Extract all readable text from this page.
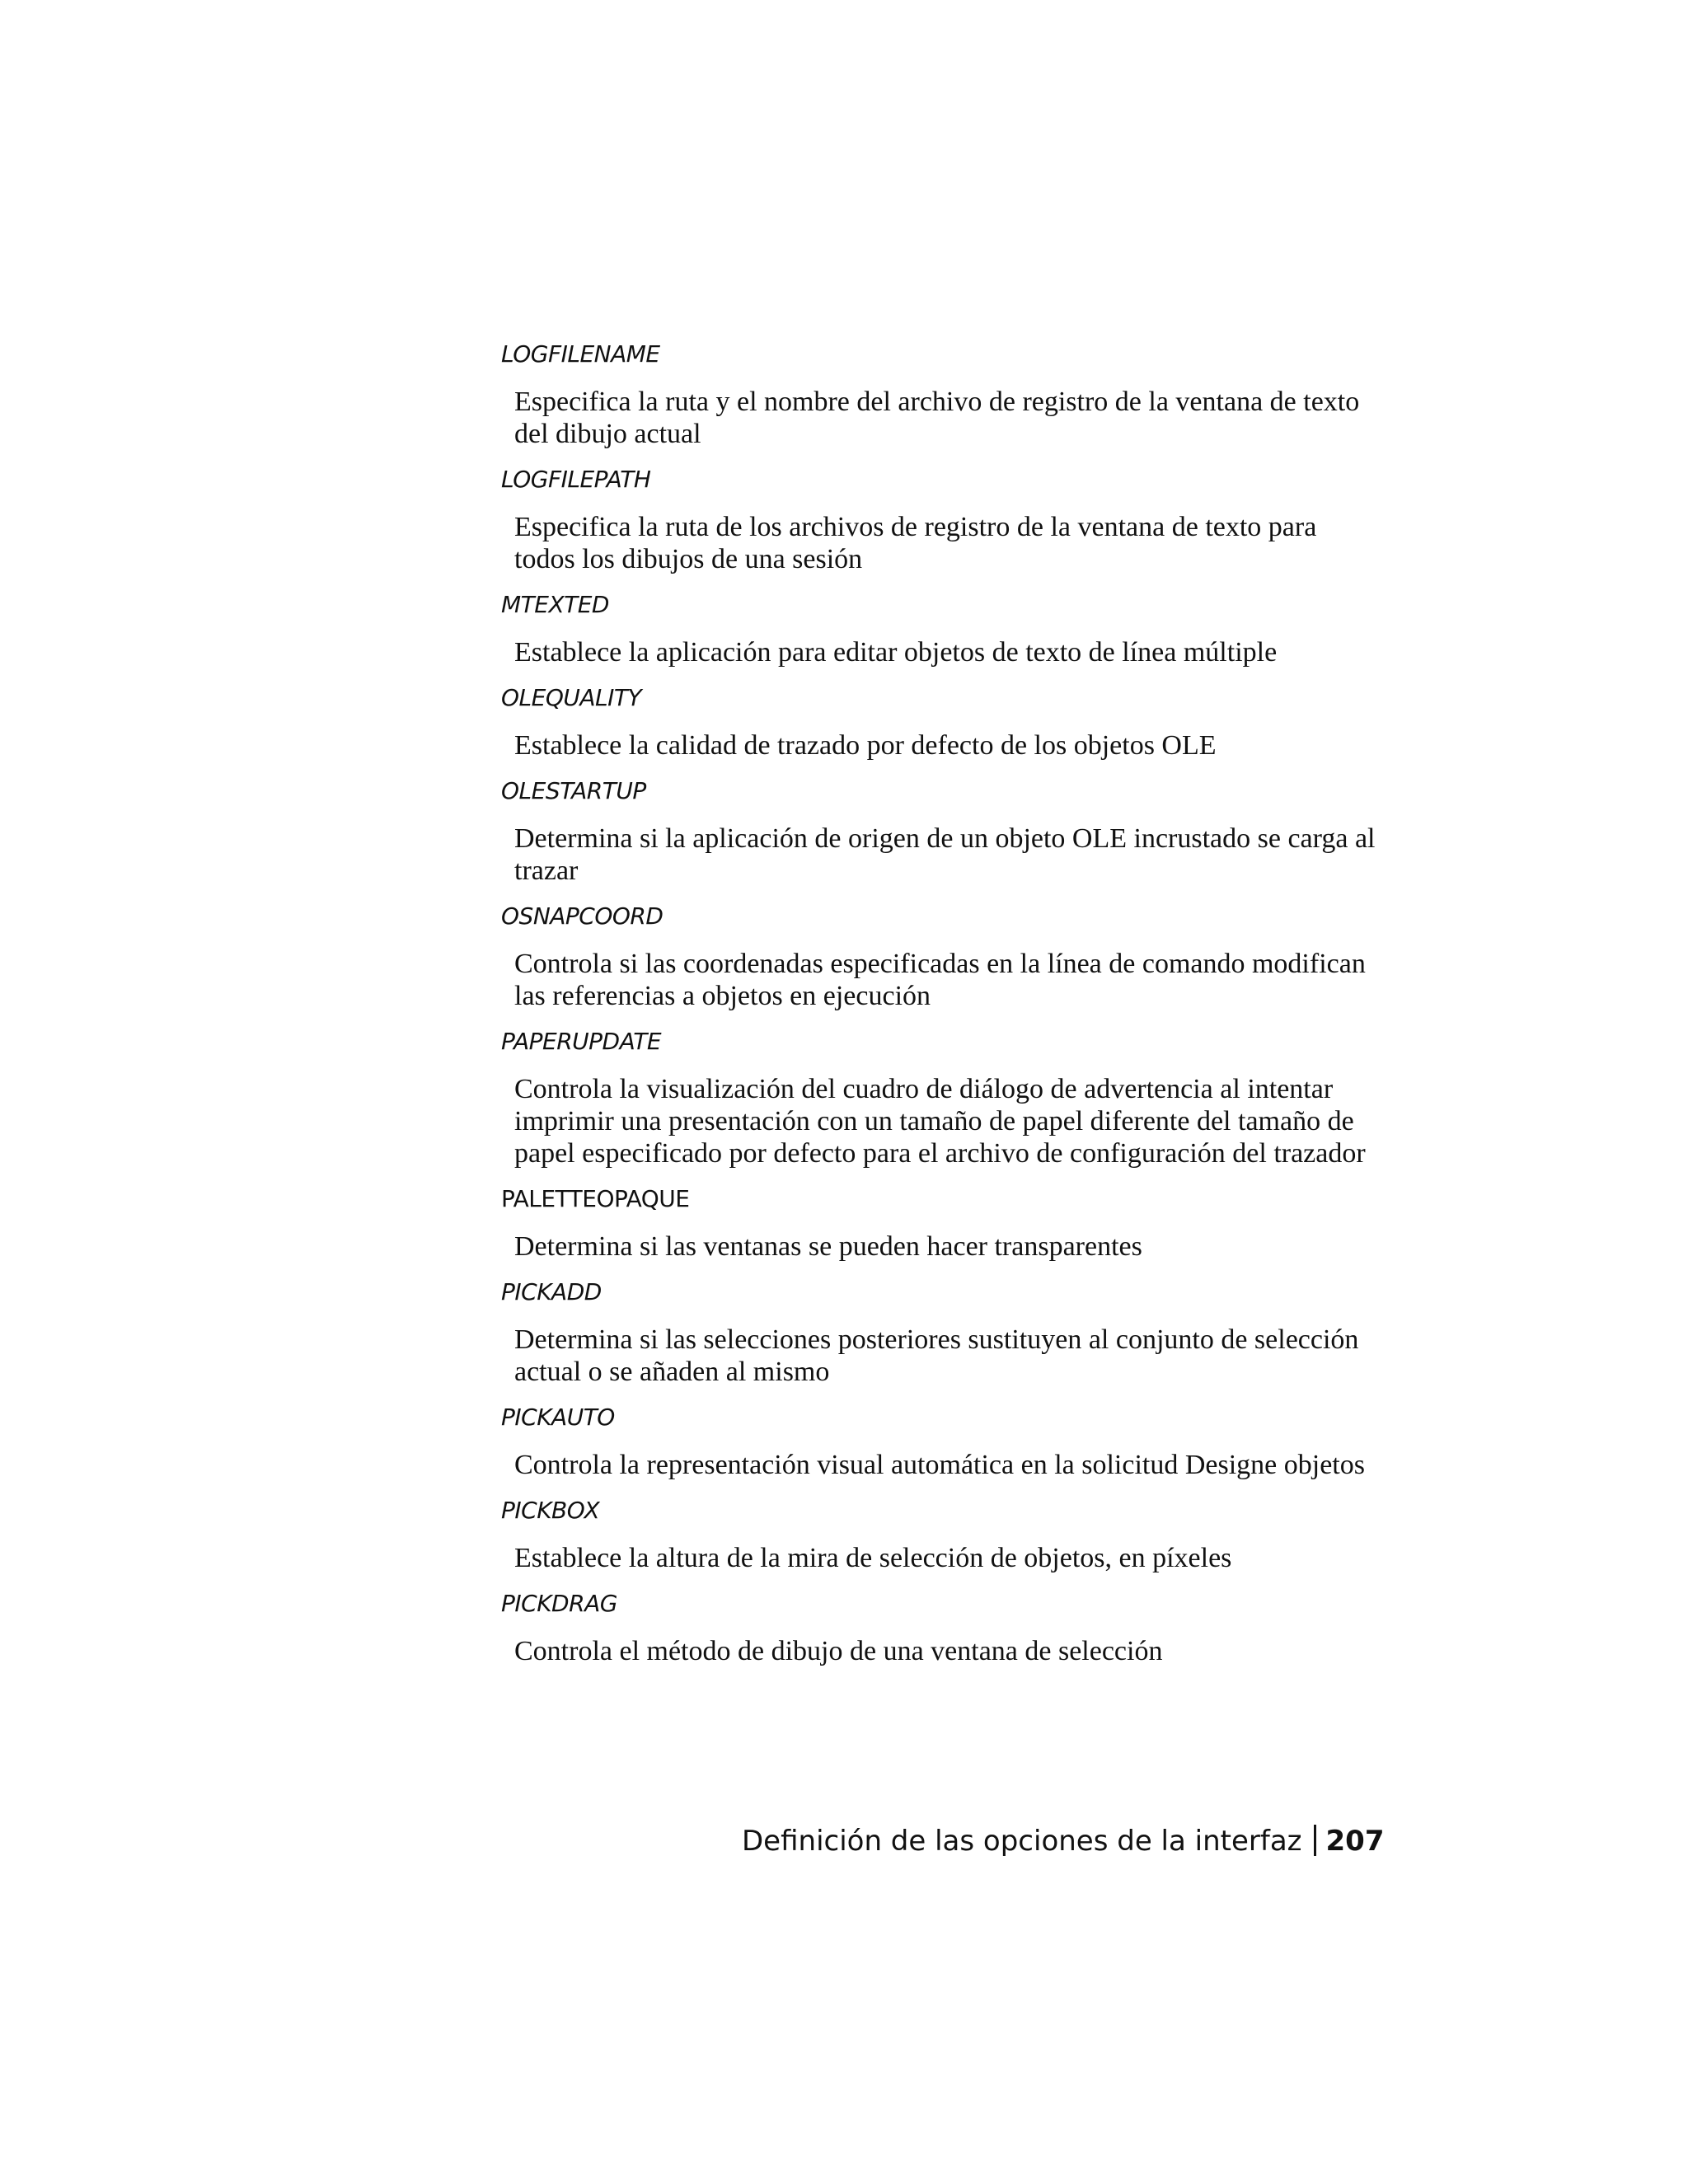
LOGFILENAME

Especifica la ruta y el nombre del archivo de registro de la ventana de texto del dibujo actual

LOGFILEPATH

Especifica la ruta de los archivos de registro de la ventana de texto para todos los dibujos de una sesión

MTEXTED

Establece la aplicación para editar objetos de texto de línea múltiple

OLEQUALITY

Establece la calidad de trazado por defecto de los objetos OLE

OLESTARTUP

Determina si la aplicación de origen de un objeto OLE incrustado se carga al trazar

OSNAPCOORD

Controla si las coordenadas especificadas en la línea de comando modifican las referencias a objetos en ejecución

PAPERUPDATE

Controla la visualización del cuadro de diálogo de advertencia al intentar imprimir una presentación con un tamaño de papel diferente del tamaño de papel especificado por defecto para el archivo de configuración del trazador

PALETTEOPAQUE

Determina si las ventanas se pueden hacer transparentes

PICKADD

Determina si las selecciones posteriores sustituyen al conjunto de selección actual o se añaden al mismo

PICKAUTO

Controla la representación visual automática en la solicitud Designe objetos

PICKBOX

Establece la altura de la mira de selección de objetos, en píxeles

PICKDRAG

Controla el método de dibujo de una ventana de selección

Definición de las opciones de la interfaz 207
